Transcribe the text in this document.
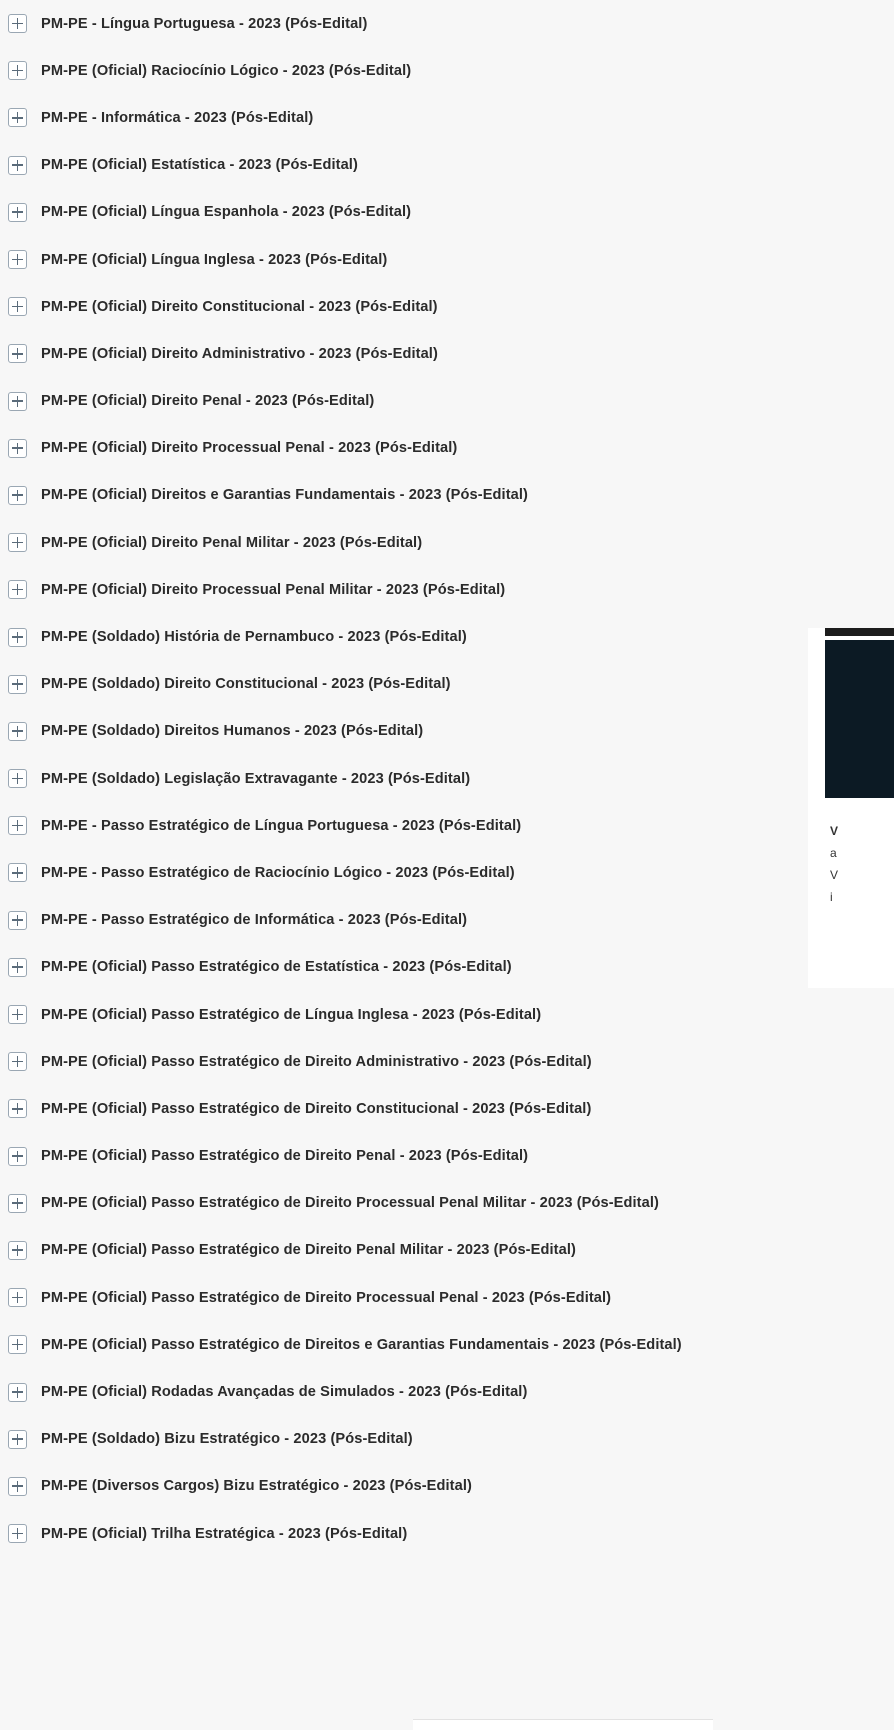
PM-PE - Língua Portuguesa - 2023 (Pós-Edital)
PM-PE (Oficial) Raciocínio Lógico - 2023 (Pós-Edital)
PM-PE - Informática - 2023 (Pós-Edital)
PM-PE (Oficial) Estatística - 2023 (Pós-Edital)
PM-PE (Oficial) Língua Espanhola - 2023 (Pós-Edital)
PM-PE (Oficial) Língua Inglesa - 2023 (Pós-Edital)
PM-PE (Oficial) Direito Constitucional - 2023 (Pós-Edital)
PM-PE (Oficial) Direito Administrativo - 2023 (Pós-Edital)
PM-PE (Oficial) Direito Penal - 2023 (Pós-Edital)
PM-PE (Oficial) Direito Processual Penal - 2023 (Pós-Edital)
PM-PE (Oficial) Direitos e Garantias Fundamentais - 2023 (Pós-Edital)
PM-PE (Oficial) Direito Penal Militar - 2023 (Pós-Edital)
PM-PE (Oficial) Direito Processual Penal Militar - 2023 (Pós-Edital)
PM-PE (Soldado) História de Pernambuco - 2023 (Pós-Edital)
PM-PE (Soldado) Direito Constitucional - 2023 (Pós-Edital)
PM-PE (Soldado) Direitos Humanos - 2023 (Pós-Edital)
PM-PE (Soldado) Legislação Extravagante - 2023 (Pós-Edital)
PM-PE - Passo Estratégico de Língua Portuguesa - 2023 (Pós-Edital)
PM-PE - Passo Estratégico de Raciocínio Lógico - 2023 (Pós-Edital)
PM-PE - Passo Estratégico de Informática - 2023 (Pós-Edital)
PM-PE (Oficial) Passo Estratégico de Estatística - 2023 (Pós-Edital)
PM-PE (Oficial) Passo Estratégico de Língua Inglesa - 2023 (Pós-Edital)
PM-PE (Oficial) Passo Estratégico de Direito Administrativo - 2023 (Pós-Edital)
PM-PE (Oficial) Passo Estratégico de Direito Constitucional - 2023 (Pós-Edital)
PM-PE (Oficial) Passo Estratégico de Direito Penal - 2023 (Pós-Edital)
PM-PE (Oficial) Passo Estratégico de Direito Processual Penal Militar - 2023 (Pós-Edital)
PM-PE (Oficial) Passo Estratégico de Direito Penal Militar - 2023 (Pós-Edital)
PM-PE (Oficial) Passo Estratégico de Direito Processual Penal - 2023 (Pós-Edital)
PM-PE (Oficial) Passo Estratégico de Direitos e Garantias Fundamentais - 2023 (Pós-Edital)
PM-PE (Oficial) Rodadas Avançadas de Simulados - 2023 (Pós-Edital)
PM-PE (Soldado) Bizu Estratégico - 2023 (Pós-Edital)
PM-PE (Diversos Cargos) Bizu Estratégico - 2023 (Pós-Edital)
PM-PE (Oficial) Trilha Estratégica - 2023 (Pós-Edital)
V
a
V
i
